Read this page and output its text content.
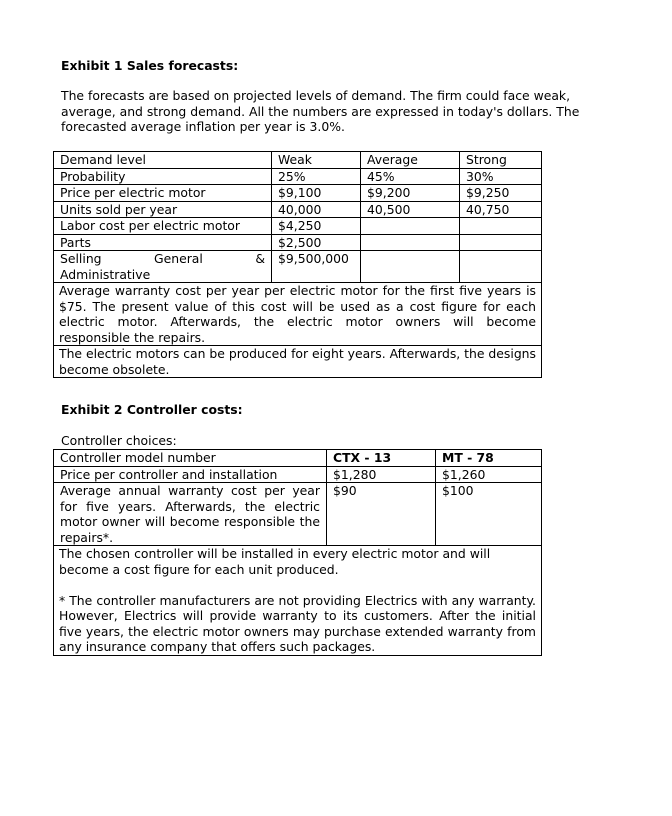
Exhibit 1 Sales forecasts:
The forecasts are based on projected levels of demand. The firm could face weak, average, and strong demand. All the numbers are expressed in today's dollars. The forecasted average inflation per year is 3.0%.
Demand level	Weak	Average	Strong
Probability	25%	45%	30%
Price per electric motor	$9,100	$9,200	$9,250
Units sold per year	40,000	40,500	40,750
Labor cost per electric motor	$4,250		
Parts	$2,500		

Selling General &
Administrative	$9,500,000		
Average warranty cost per year per electric motor for the first five years is $75. The present value of this cost will be used as a cost figure for each electric motor. Afterwards, the electric motor owners will become responsible the repairs.			
The electric motors can be produced for eight years. Afterwards, the designs become obsolete.			
Exhibit 2 Controller costs:
Controller choices:
Controller model number	CTX - 13	MT - 78
Price per controller and installation	$1,280	$1,260
Average annual warranty cost per year for five years. Afterwards, the electric motor owner will become responsible the repairs*.	$90	$100

The chosen controller will be installed in every electric motor and will become a cost figure for each unit produced.
* The controller manufacturers are not providing Electrics with any warranty. However, Electrics will provide warranty to its customers. After the initial five years, the electric motor owners may purchase extended warranty from any insurance company that offers such packages.		
